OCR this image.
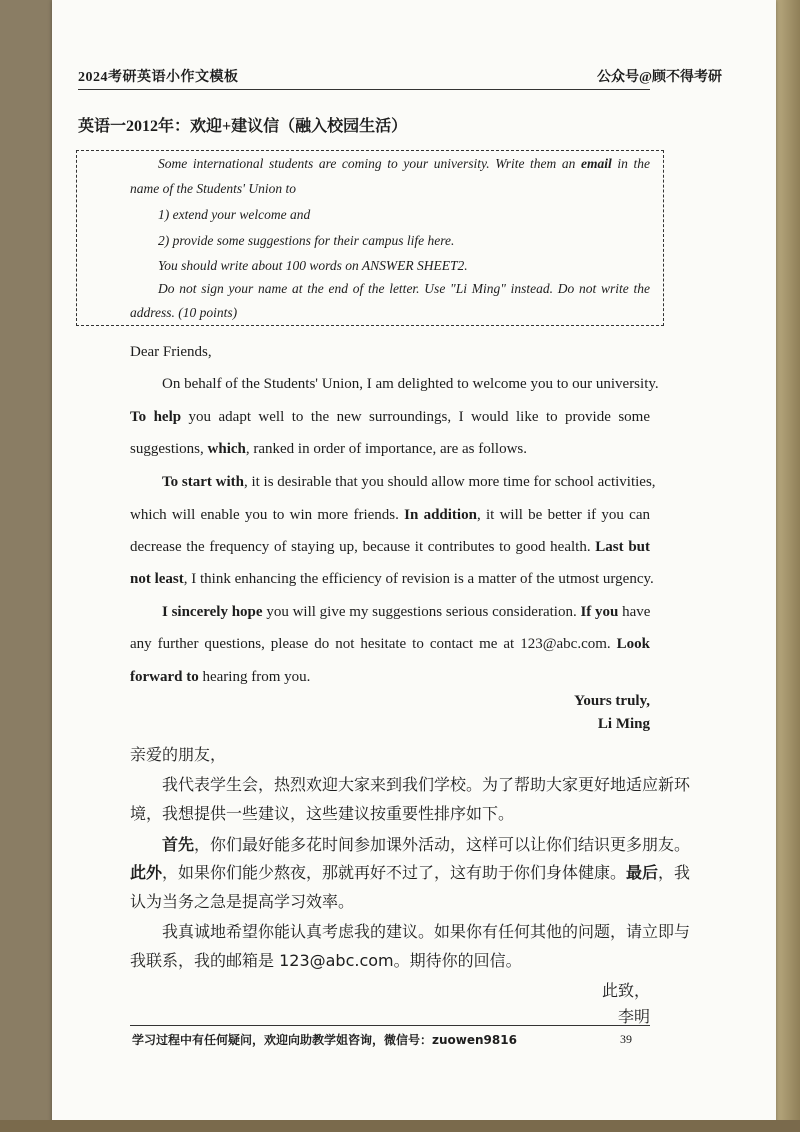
2024考研英语小作文模板	公众号@顾不得考研
英语一2012年：欢迎+建议信（融入校园生活）
Some international students are coming to your university. Write them an email in the
name of the Students' Union to
1) extend your welcome and
2) provide some suggestions for their campus life here.
You should write about 100 words on ANSWER SHEET2.
Do not sign your name at the end of the letter. Use "Li Ming" instead. Do not write the
address. (10 points)
Dear Friends,
On behalf of the Students' Union, I am delighted to welcome you to our university.
To help you adapt well to the new surroundings, I would like to provide some
suggestions, which, ranked in order of importance, are as follows.
To start with, it is desirable that you should allow more time for school activities,
which will enable you to win more friends. In addition, it will be better if you can
decrease the frequency of staying up, because it contributes to good health. Last but
not least, I think enhancing the efficiency of revision is a matter of the utmost urgency.
I sincerely hope you will give my suggestions serious consideration. If you have
any further questions, please do not hesitate to contact me at 123@abc.com. Look
forward to hearing from you.
Yours truly,
Li Ming
亲爱的朋友，
我代表学生会，热烈欢迎大家来到我们学校。为了帮助大家更好地适应新环
境，我想提供一些建议，这些建议按重要性排序如下。
首先，你们最好能多花时间参加课外活动，这样可以让你们结识更多朋友。
此外，如果你们能少熬夜，那就再好不过了，这有助于你们身体健康。最后，我
认为当务之急是提高学习效率。
我真诚地希望你能认真考虑我的建议。如果你有任何其他的问题，请立即与
我联系，我的邮箱是 123@abc.com。期待你的回信。
此致，
李明
学习过程中有任何疑问，欢迎向助教学姐咨询，微信号：zuowen9816	39
